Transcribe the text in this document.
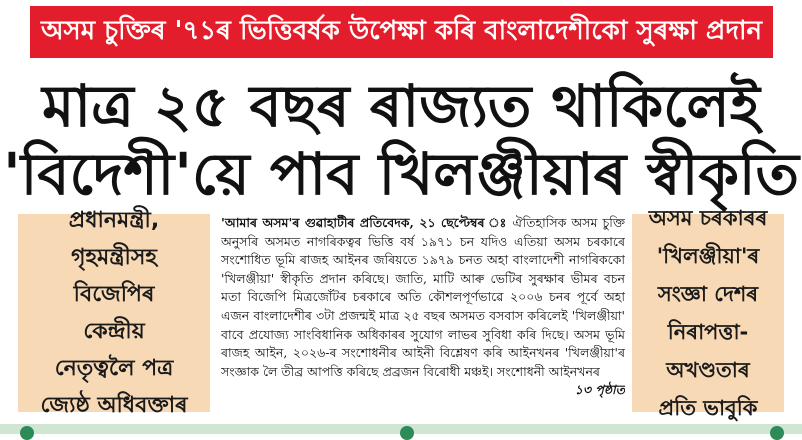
অসম চুক্তিৰ '৭১ৰ ভিত্তিবৰ্ষক উপেক্ষা কৰি বাংলাদেশীকো সুৰক্ষা প্ৰদান
মাত্ৰ ২৫ বছৰ ৰাজ্যত থাকিলেই
'বিদেশী'য়ে পাব খিলঞ্জীয়াৰ স্বীকৃতি
প্ৰধানমন্ত্ৰী,
গৃহমন্ত্ৰীসহ
বিজেপিৰ
কেন্দ্ৰীয়
নেতৃত্বলৈ পত্ৰ
জ্যেষ্ঠ অধিবক্তাৰ
'আমাৰ অসম'ৰ গুৱাহাটীৰ প্ৰতিবেদক, ২১ ছেপ্টেম্বৰ ঃ ঐতিহাসিক অসম চুক্তি অনুসৰি অসমত নাগৰিকত্বৰ ভিত্তি বৰ্ষ ১৯৭১ চন যদিও এতিয়া অসম চৰকাৰে সংশোধিত ভূমি ৰাজহ আইনৰ জৰিয়তে ১৯৭৯ চনত অহা বাংলাদেশী নাগৰিককো 'খিলঞ্জীয়া' স্বীকৃতি প্ৰদান কৰিছে। জাতি, মাটি আৰু ভেটিৰ সুৰক্ষাৰ ভীমৰ বচন মতা বিজেপি মিত্ৰজোঁটৰ চৰকাৰে অতি কৌশলপূৰ্ণভাৱে ২০০৬ চনৰ পূৰ্বে অহা এজন বাংলাদেশীৰ ৩টা প্ৰজন্মই মাত্ৰ ২৫ বছৰ অসমত বসবাস কৰিলেই 'খিলঞ্জীয়া' বাবে প্ৰযোজ্য সাংবিধানিক অধিকাৰৰ সুযোগ লাভৰ সুবিধা কৰি দিছে। অসম ভূমি ৰাজহ আইন, ২০২৬-ৰ সংশোধনীৰ আইনী বিশ্লেষণ কৰি আইনখনৰ 'খিলঞ্জীয়া'ৰ সংজ্ঞাক লৈ তীব্ৰ আপত্তি কৰিছে প্ৰব্ৰজন বিৰোধী মঞ্চই। সংশোধনী আইনখনৰ
১৩ পৃষ্ঠাত
অসম চৰকাৰৰ
'খিলঞ্জীয়া'ৰ
সংজ্ঞা দেশৰ
নিৰাপত্তা-
অখণ্ডতাৰ
প্ৰতি ভাবুকি
